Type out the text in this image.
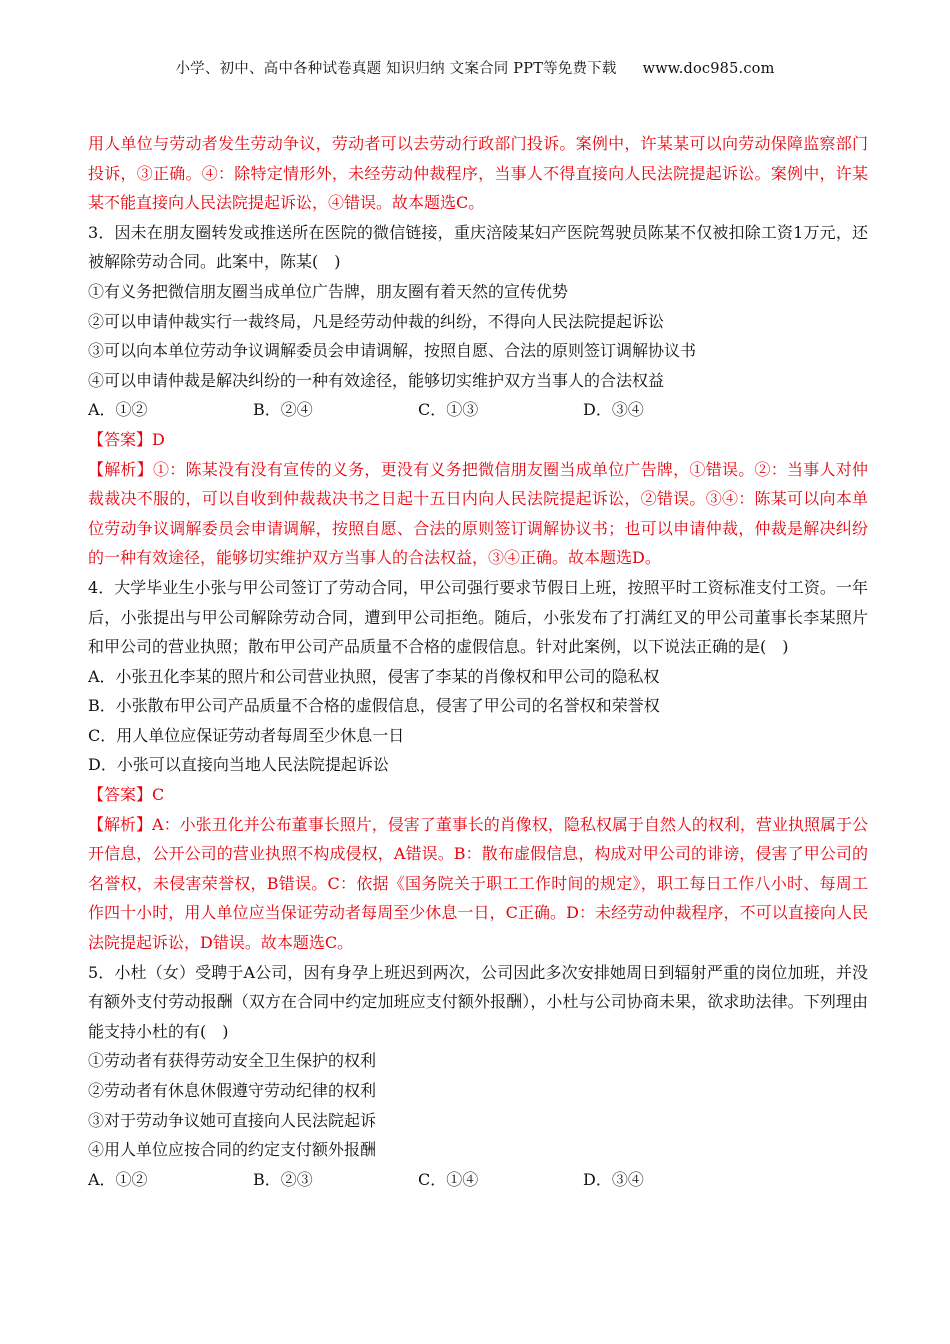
小学、初中、高中各种试卷真题 知识归纳 文案合同 PPT等免费下载 www.doc985.com

用人单位与劳动者发生劳动争议，劳动者可以去劳动行政部门投诉。案例中，许某某可以向劳动保障监察部门投诉，③正确。④：除特定情形外，未经劳动仲裁程序，当事人不得直接向人民法院提起诉讼。案例中，许某某不能直接向人民法院提起诉讼，④错误。故本题选C。

3．因未在朋友圈转发或推送所在医院的微信链接，重庆涪陵某妇产医院驾驶员陈某不仅被扣除工资1万元，还被解除劳动合同。此案中，陈某(　)

①有义务把微信朋友圈当成单位广告牌，朋友圈有着天然的宣传优势

②可以申请仲裁实行一裁终局，凡是经劳动仲裁的纠纷，不得向人民法院提起诉讼

③可以向本单位劳动争议调解委员会申请调解，按照自愿、合法的原则签订调解协议书

④可以申请仲裁是解决纠纷的一种有效途径，能够切实维护双方当事人的合法权益

A．①②	B．②④	C．①③	D．③④

【答案】D

【解析】①：陈某没有没有宣传的义务，更没有义务把微信朋友圈当成单位广告牌，①错误。②：当事人对仲裁裁决不服的，可以自收到仲裁裁决书之日起十五日内向人民法院提起诉讼，②错误。③④：陈某可以向本单位劳动争议调解委员会申请调解，按照自愿、合法的原则签订调解协议书；也可以申请仲裁，仲裁是解决纠纷的一种有效途径，能够切实维护双方当事人的合法权益，③④正确。故本题选D。

4．大学毕业生小张与甲公司签订了劳动合同，甲公司强行要求节假日上班，按照平时工资标准支付工资。一年后，小张提出与甲公司解除劳动合同，遭到甲公司拒绝。随后，小张发布了打满红叉的甲公司董事长李某照片和甲公司的营业执照；散布甲公司产品质量不合格的虚假信息。针对此案例，以下说法正确的是(　)

A．小张丑化李某的照片和公司营业执照，侵害了李某的肖像权和甲公司的隐私权

B．小张散布甲公司产品质量不合格的虚假信息，侵害了甲公司的名誉权和荣誉权

C．用人单位应保证劳动者每周至少休息一日

D．小张可以直接向当地人民法院提起诉讼

【答案】C

【解析】A：小张丑化并公布董事长照片，侵害了董事长的肖像权，隐私权属于自然人的权利，营业执照属于公开信息，公开公司的营业执照不构成侵权，A错误。B：散布虚假信息，构成对甲公司的诽谤，侵害了甲公司的名誉权，未侵害荣誉权，B错误。C：依据《国务院关于职工工作时间的规定》，职工每日工作八小时、每周工作四十小时，用人单位应当保证劳动者每周至少休息一日，C正确。D：未经劳动仲裁程序，不可以直接向人民法院提起诉讼，D错误。故本题选C。

5．小杜（女）受聘于A公司，因有身孕上班迟到两次，公司因此多次安排她周日到辐射严重的岗位加班，并没有额外支付劳动报酬（双方在合同中约定加班应支付额外报酬），小杜与公司协商未果，欲求助法律。下列理由能支持小杜的有(　)

①劳动者有获得劳动安全卫生保护的权利

②劳动者有休息休假遵守劳动纪律的权利

③对于劳动争议她可直接向人民法院起诉

④用人单位应按合同的约定支付额外报酬

A．①②	B．②③	C．①④	D．③④
